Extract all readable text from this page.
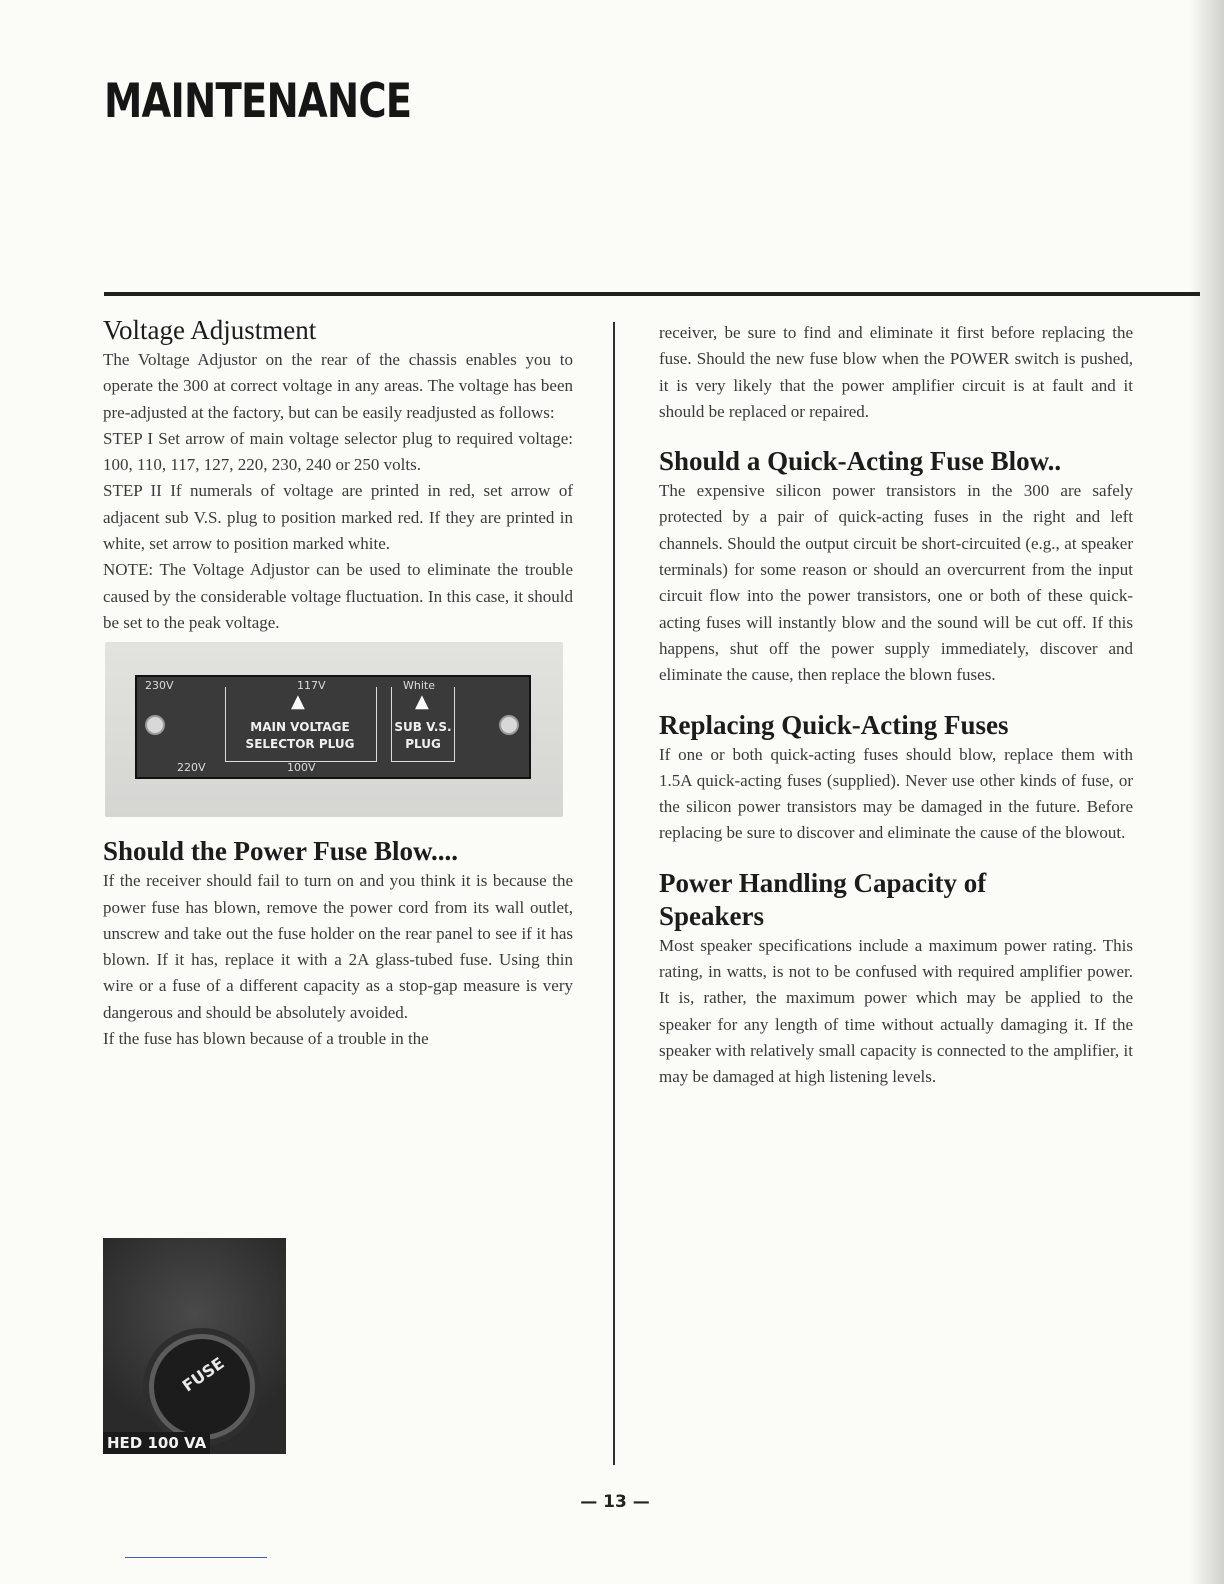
MAINTENANCE
Voltage Adjustment

The Voltage Adjustor on the rear of the chassis enables you to operate the 300 at correct voltage in any areas. The voltage has been pre-adjusted at the factory, but can be easily readjusted as follows:

STEP I Set arrow of main voltage selector plug to required voltage: 100, 110, 117, 127, 220, 230, 240 or 250 volts.

STEP II If numerals of voltage are printed in red, set arrow of adjacent sub V.S. plug to position marked red. If they are printed in white, set arrow to position marked white.

NOTE: The Voltage Adjustor can be used to eliminate the trouble caused by the considerable voltage fluctuation. In this case, it should be set to the peak voltage.

230V	117V	White
▲	▲
MAIN VOLTAGE
SELECTOR PLUG
SUB V.S.
PLUG
220V	100V
Should the Power Fuse Blow....

If the receiver should fail to turn on and you think it is because the power fuse has blown, remove the power cord from its wall outlet, unscrew and take out the fuse holder on the rear panel to see if it has blown. If it has, replace it with a 2A glass-tubed fuse. Using thin wire or a fuse of a different capacity as a stop-gap measure is very dangerous and should be absolutely avoided.

If the fuse has blown because of a trouble in the

FUSE
HED 100 VA

receiver, be sure to find and eliminate it first before replacing the fuse. Should the new fuse blow when the POWER switch is pushed, it is very likely that the power amplifier circuit is at fault and it should be replaced or repaired.

Should a Quick-Acting Fuse Blow..

The expensive silicon power transistors in the 300 are safely protected by a pair of quick-acting fuses in the right and left channels. Should the output circuit be short-circuited (e.g., at speaker terminals) for some reason or should an overcurrent from the input circuit flow into the power transistors, one or both of these quick-acting fuses will instantly blow and the sound will be cut off. If this happens, shut off the power supply immediately, discover and eliminate the cause, then replace the blown fuses.

Replacing Quick-Acting Fuses

If one or both quick-acting fuses should blow, replace them with 1.5A quick-acting fuses (supplied). Never use other kinds of fuse, or the silicon power transistors may be damaged in the future. Before replacing be sure to discover and eliminate the cause of the blowout.

Power Handling Capacity of
Speakers

Most speaker specifications include a maximum power rating. This rating, in watts, is not to be confused with required amplifier power. It is, rather, the maximum power which may be applied to the speaker for any length of time without actually damaging it. If the speaker with relatively small capacity is connected to the amplifier, it may be damaged at high listening levels.

— 13 —
